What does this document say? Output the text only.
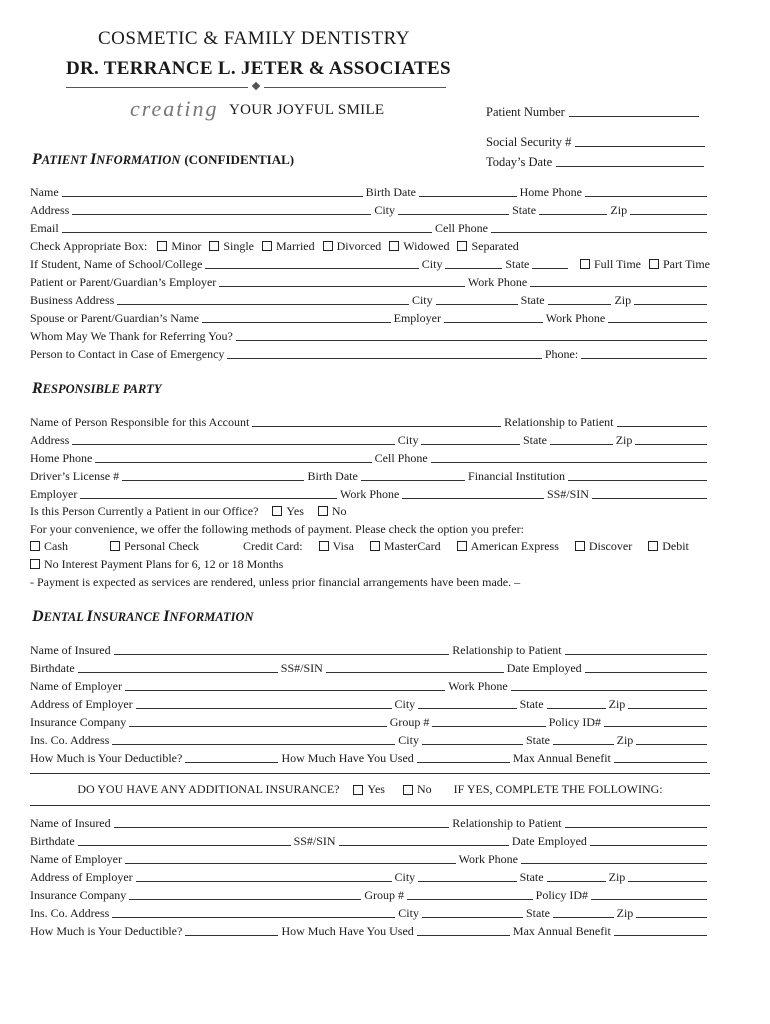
COSMETIC & FAMILY DENTISTRY
DR. TERRANCE L. JETER & ASSOCIATES
creating YOUR JOYFUL SMILE	Patient Number
Social Security #
Today’s Date
PATIENT INFORMATION (CONFIDENTIAL)
Name	Birth Date	Home Phone
Address	City	State	Zip
Email	Cell Phone
Check Appropriate Box: Minor Single Married Divorced Widowed Separated
If Student, Name of School/College	City	State	Full Time Part Time
Patient or Parent/Guardian’s Employer	Work Phone
Business Address	City	State	Zip
Spouse or Parent/Guardian’s Name	Employer	Work Phone
Whom May We Thank for Referring You?
Person to Contact in Case of Emergency	Phone:
RESPONSIBLE PARTY
Name of Person Responsible for this Account	Relationship to Patient
Address	City	State	Zip
Home Phone	Cell Phone
Driver’s License #	Birth Date	Financial Institution
Employer	Work Phone	SS#/SIN
Is this Person Currently a Patient in our Office? Yes No
For your convenience, we offer the following methods of payment. Please check the option you prefer:
Cash	Personal Check	Credit Card:	Visa	MasterCard	American Express	Discover	Debit
No Interest Payment Plans for 6, 12 or 18 Months
- Payment is expected as services are rendered, unless prior financial arrangements have been made. –
DENTAL INSURANCE INFORMATION
Name of Insured	Relationship to Patient
Birthdate	SS#/SIN	Date Employed
Name of Employer	Work Phone
Address of Employer	City	State	Zip
Insurance Company	Group #	Policy ID#
Ins. Co. Address	City	State	Zip
How Much is Your Deductible?	How Much Have You Used	Max Annual Benefit
DO YOU HAVE ANY ADDITIONAL INSURANCE? Yes	No IF YES, COMPLETE THE FOLLOWING:
Name of Insured	Relationship to Patient
Birthdate	SS#/SIN	Date Employed
Name of Employer	Work Phone
Address of Employer	City	State	Zip
Insurance Company	Group #	Policy ID#
Ins. Co. Address	City	State	Zip
How Much is Your Deductible?	How Much Have You Used	Max Annual Benefit
